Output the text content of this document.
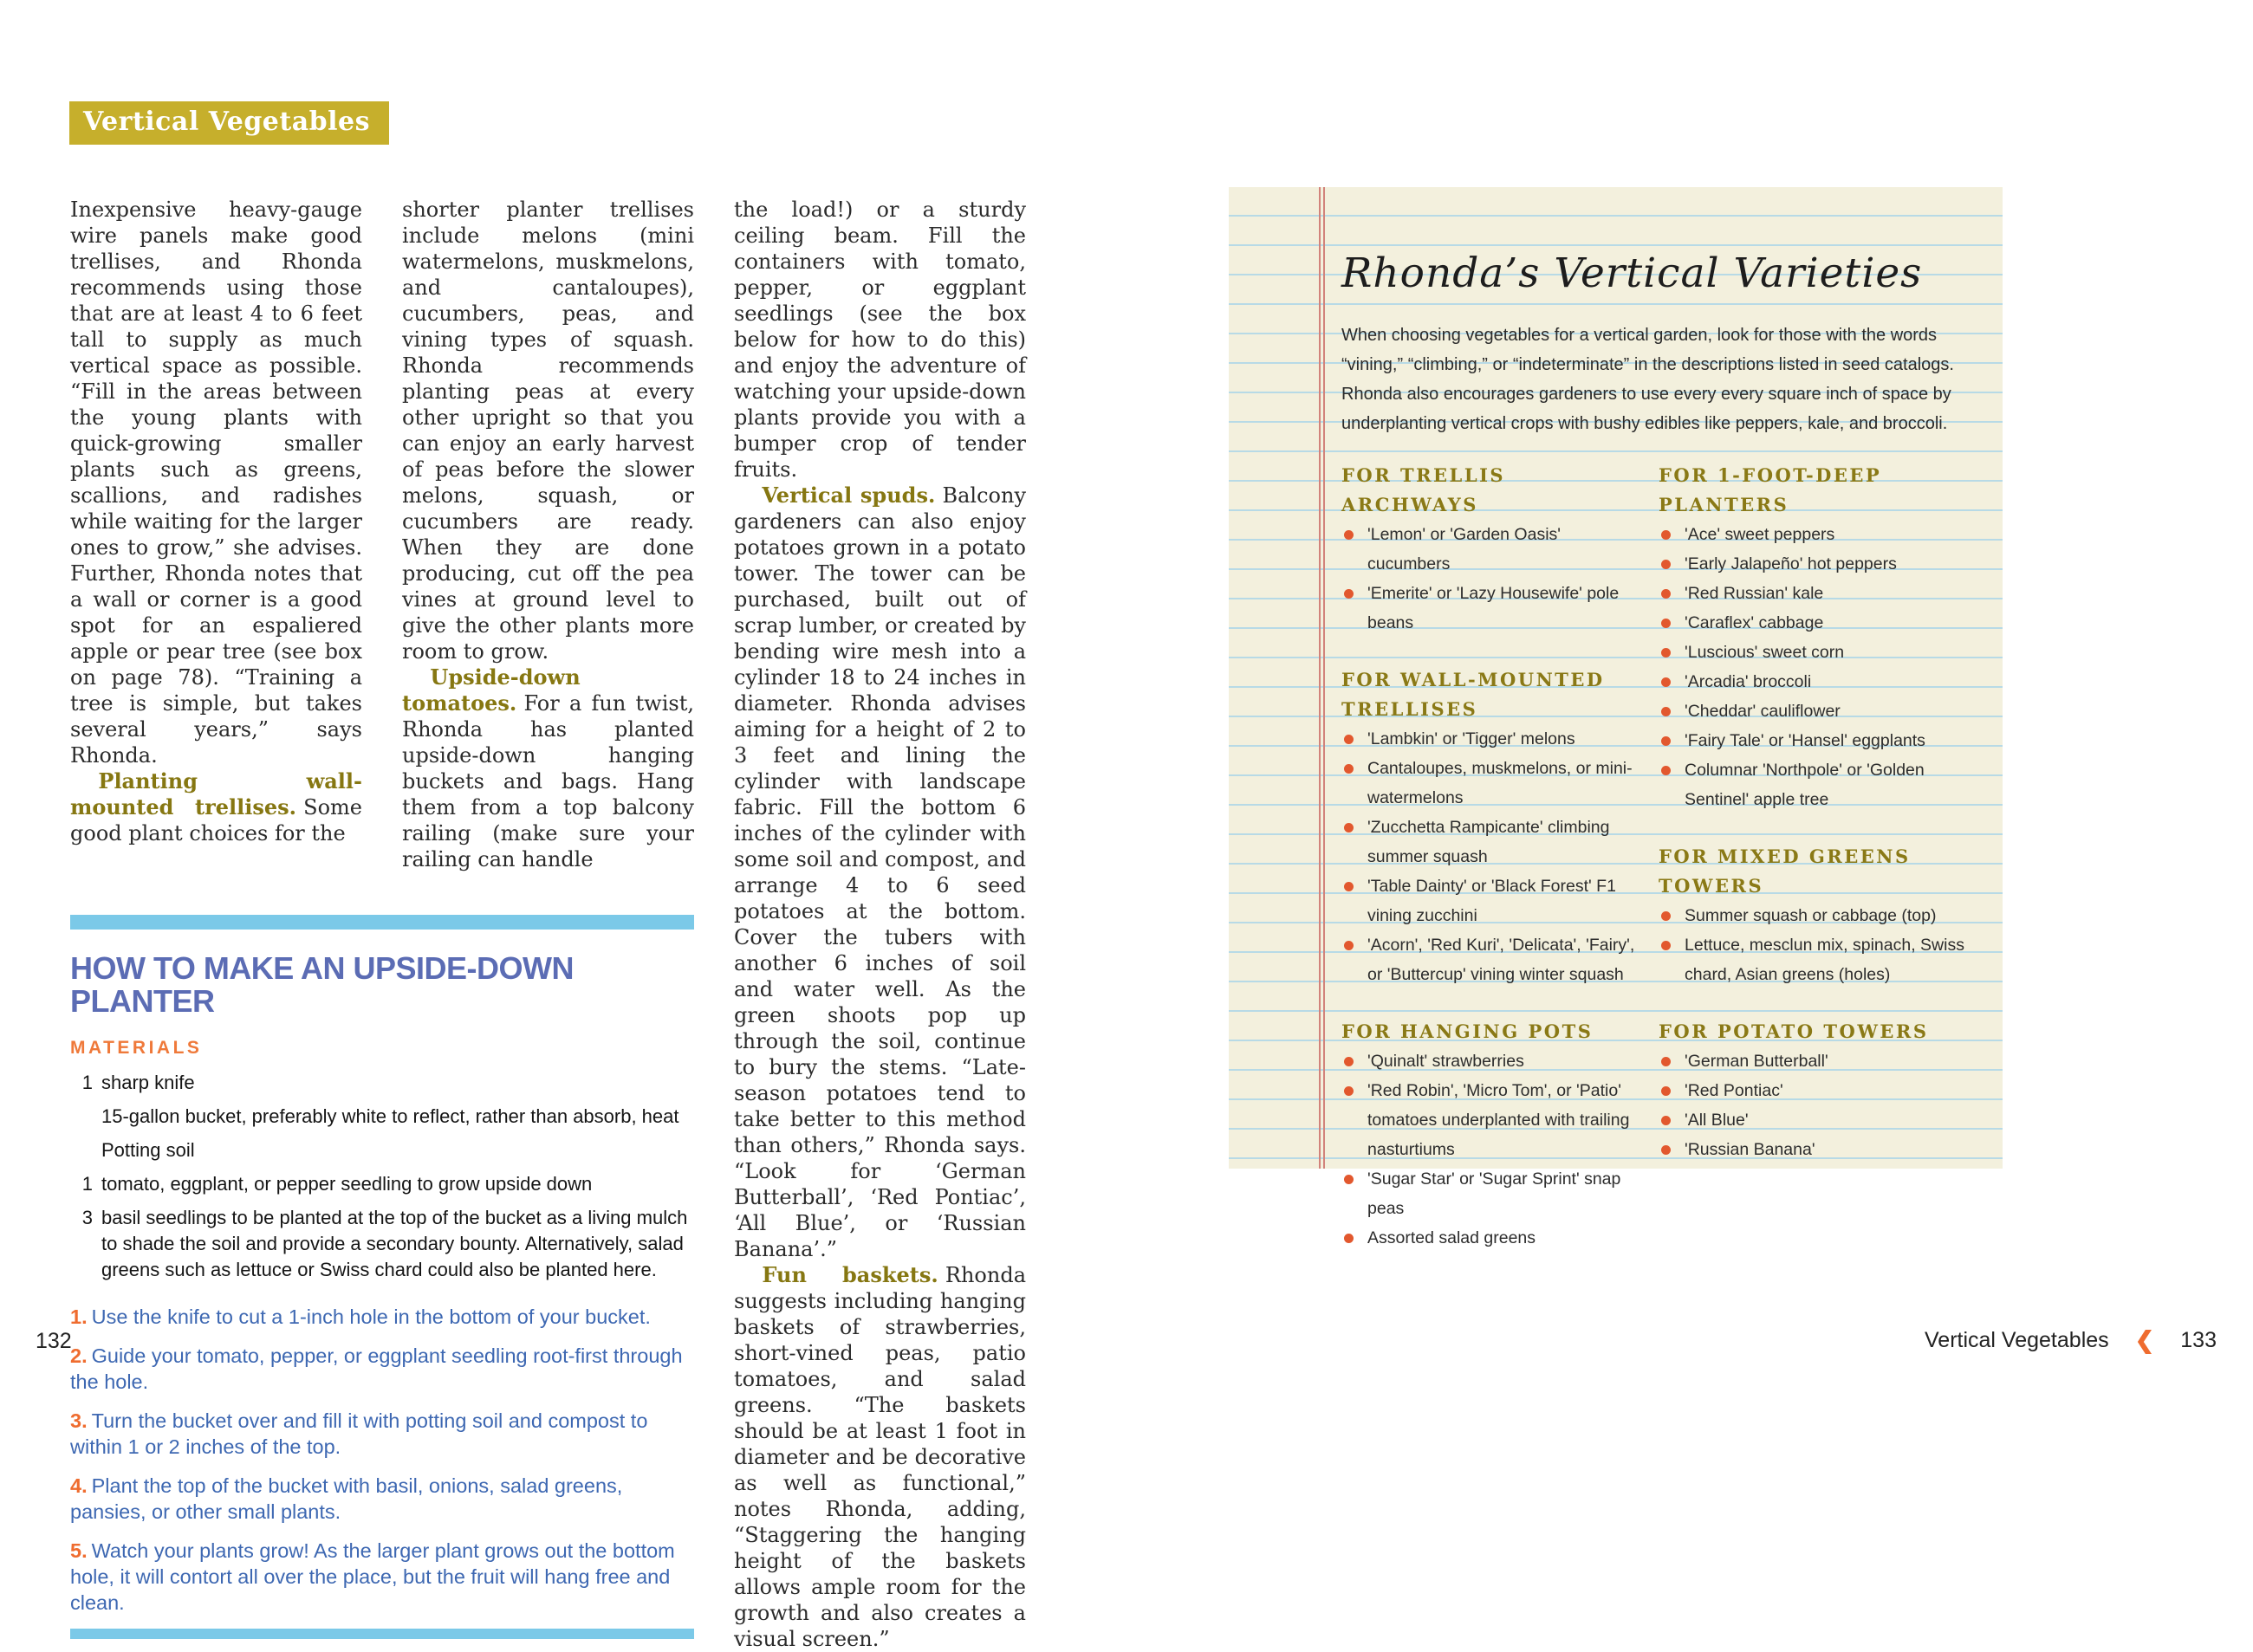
Vertical Vegetables

Inexpensive heavy-gauge wire panels make good trellises, and Rhonda recommends using those that are at least 4 to 6 feet tall to supply as much vertical space as possible. “Fill in the areas between the young plants with quick-growing smaller plants such as greens, scallions, and radishes while waiting for the larger ones to grow,” she advises. Further, Rhonda notes that a wall or corner is a good spot for an espaliered apple or pear tree (see box on page 78). “Training a tree is simple, but takes several years,” says Rhonda.

Planting wall-mounted trellises. Some good plant choices for the

shorter planter trellises include melons (mini watermelons, muskmelons, and cantaloupes), cucumbers, peas, and vining types of squash. Rhonda recommends planting peas at every other upright so that you can enjoy an early harvest of peas before the slower melons, squash, or cucumbers are ready. When they are done producing, cut off the pea vines at ground level to give the other plants more room to grow.

Upside-down tomatoes. For a fun twist, Rhonda has planted upside-down hanging buckets and bags. Hang them from a top balcony railing (make sure your railing can handle

the load!) or a sturdy ceiling beam. Fill the containers with tomato, pepper, or eggplant seedlings (see the box below for how to do this) and enjoy the adventure of watching your upside-down plants provide you with a bumper crop of tender fruits.

Vertical spuds. Balcony gardeners can also enjoy potatoes grown in a potato tower. The tower can be purchased, built out of scrap lumber, or created by bending wire mesh into a cylinder 18 to 24 inches in diameter. Rhonda advises aiming for a height of 2 to 3 feet and lining the cylinder with landscape fabric. Fill the bottom 6 inches of the cylinder with some soil and compost, and arrange 4 to 6 seed potatoes at the bottom. Cover the tubers with another 6 inches of soil and water well. As the green shoots pop up through the soil, continue to bury the stems. “Late-season potatoes tend to take better to this method than others,” Rhonda says. “Look for ‘German Butterball’, ‘Red Pontiac’, ‘All Blue’, or ‘Russian Banana’.”

Fun baskets. Rhonda suggests including hanging baskets of strawberries, short-vined peas, patio tomatoes, and salad greens. “The baskets should be at least 1 foot in diameter and be decorative as well as functional,” notes Rhonda, adding, “Staggering the hanging height of the baskets allows ample room for the growth and also creates a visual screen.”

HOW TO MAKE AN UPSIDE-DOWN PLANTER
MATERIALS
1 sharp knife
15-gallon bucket, preferably white to reflect, rather than absorb, heat
Potting soil
1 tomato, eggplant, or pepper seedling to grow upside down
3 basil seedlings to be planted at the top of the bucket as a living mulch to shade the soil and provide a secondary bounty. Alternatively, salad greens such as lettuce or Swiss chard could also be planted here.
1. Use the knife to cut a 1-inch hole in the bottom of your bucket.
2. Guide your tomato, pepper, or eggplant seedling root-first through the hole.
3. Turn the bucket over and fill it with potting soil and compost to within 1 or 2 inches of the top.
4. Plant the top of the bucket with basil, onions, salad greens, pansies, or other small plants.
5. Watch your plants grow! As the larger plant grows out the bottom hole, it will contort all over the place, but the fruit will hang free and clean.
Rhonda’s Vertical Varieties

When choosing vegetables for a vertical garden, look for those with the words “vining,” “climbing,” or “indeterminate” in the descriptions listed in seed catalogs. Rhonda also encourages gardeners to use every every square inch of space by underplanting vertical crops with bushy edibles like peppers, kale, and broccoli.

FOR TRELLIS ARCHWAYS
'Lemon' or 'Garden Oasis' cucumbers
'Emerite' or 'Lazy Housewife' pole beans
FOR WALL-MOUNTED TRELLISES
'Lambkin' or 'Tigger' melons
Cantaloupes, muskmelons, or mini-watermelons
'Zucchetta Rampicante' climbing summer squash
'Table Dainty' or 'Black Forest' F1 vining zucchini
'Acorn', 'Red Kuri', 'Delicata', 'Fairy', or 'Buttercup' vining winter squash
FOR HANGING POTS
'Quinalt' strawberries
'Red Robin', 'Micro Tom', or 'Patio' tomatoes underplanted with trailing nasturtiums
'Sugar Star' or 'Sugar Sprint' snap peas
Assorted salad greens
FOR 1-FOOT-DEEP PLANTERS
'Ace' sweet peppers
'Early Jalapeño' hot peppers
'Red Russian' kale
'Caraflex' cabbage
'Luscious' sweet corn
'Arcadia' broccoli
'Cheddar' cauliflower
'Fairy Tale' or 'Hansel' eggplants
Columnar 'Northpole' or 'Golden Sentinel' apple tree
FOR MIXED GREENS TOWERS
Summer squash or cabbage (top)
Lettuce, mesclun mix, spinach, Swiss chard, Asian greens (holes)
FOR POTATO TOWERS
'German Butterball'
'Red Pontiac'
'All Blue'
'Russian Banana'
132	Vertical Vegetables ❮ 133
